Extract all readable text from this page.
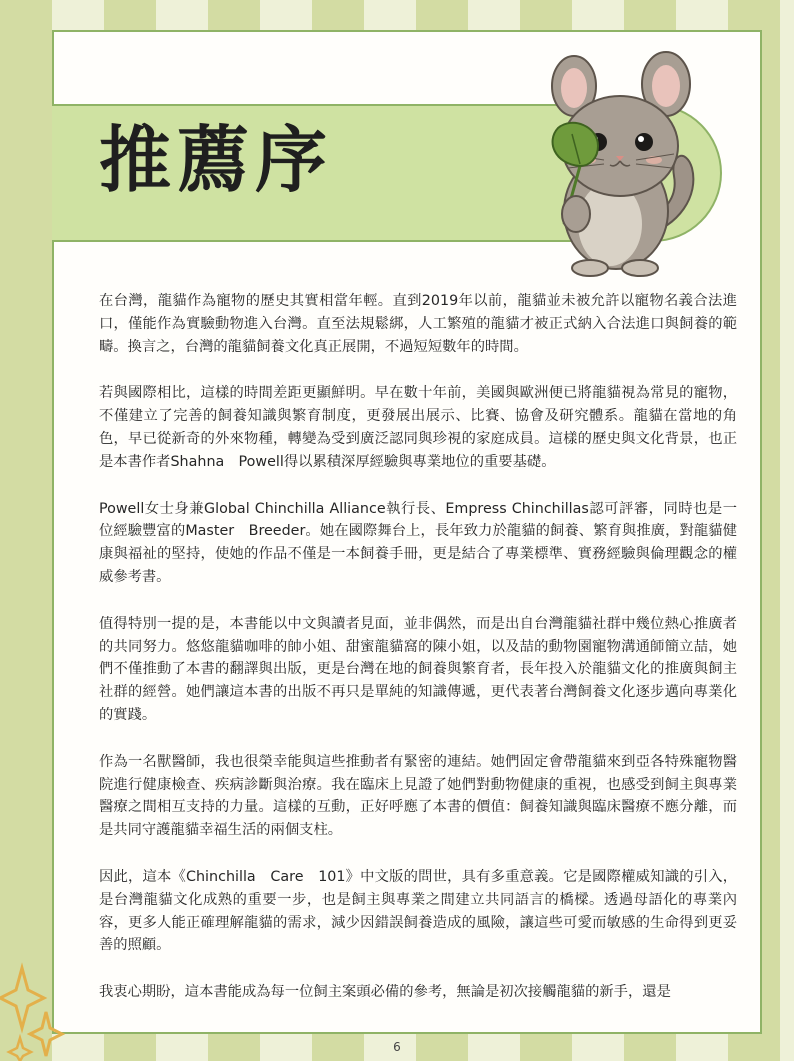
推薦序

在台灣，龍貓作為寵物的歷史其實相當年輕。直到2019年以前，龍貓並未被允許以寵物名義合法進口，僅能作為實驗動物進入台灣。直至法規鬆綁，人工繁殖的龍貓才被正式納入合法進口與飼養的範疇。換言之，台灣的龍貓飼養文化真正展開，不過短短數年的時間。

若與國際相比，這樣的時間差距更顯鮮明。早在數十年前，美國與歐洲便已將龍貓視為常見的寵物，不僅建立了完善的飼養知識與繁育制度，更發展出展示、比賽、協會及研究體系。龍貓在當地的角色，早已從新奇的外來物種，轉變為受到廣泛認同與珍視的家庭成員。這樣的歷史與文化背景，也正是本書作者Shahna　Powell得以累積深厚經驗與專業地位的重要基礎。

Powell女士身兼Global Chinchilla Alliance執行長、Empress Chinchillas認可評審，同時也是一位經驗豐富的Master　Breeder。她在國際舞台上，長年致力於龍貓的飼養、繁育與推廣，對龍貓健康與福祉的堅持，使她的作品不僅是一本飼養手冊，更是結合了專業標準、實務經驗與倫理觀念的權威參考書。

值得特別一提的是，本書能以中文與讀者見面，並非偶然，而是出自台灣龍貓社群中幾位熱心推廣者的共同努力。悠悠龍貓咖啡的帥小姐、甜蜜龍貓窩的陳小姐，以及喆的動物園寵物溝通師簡立喆，她們不僅推動了本書的翻譯與出版，更是台灣在地的飼養與繁育者，長年投入於龍貓文化的推廣與飼主社群的經營。她們讓這本書的出版不再只是單純的知識傳遞，更代表著台灣飼養文化逐步邁向專業化的實踐。

作為一名獸醫師，我也很榮幸能與這些推動者有緊密的連結。她們固定會帶龍貓來到亞各特殊寵物醫院進行健康檢查、疾病診斷與治療。我在臨床上見證了她們對動物健康的重視，也感受到飼主與專業醫療之間相互支持的力量。這樣的互動，正好呼應了本書的價值：飼養知識與臨床醫療不應分離，而是共同守護龍貓幸福生活的兩個支柱。

因此，這本《Chinchilla　Care　101》中文版的問世，具有多重意義。它是國際權威知識的引入，是台灣龍貓文化成熟的重要一步，也是飼主與專業之間建立共同語言的橋樑。透過母語化的專業內容，更多人能正確理解龍貓的需求，減少因錯誤飼養造成的風險，讓這些可愛而敏感的生命得到更妥善的照顧。

我衷心期盼，這本書能成為每一位飼主案頭必備的參考，無論是初次接觸龍貓的新手，還是

6
